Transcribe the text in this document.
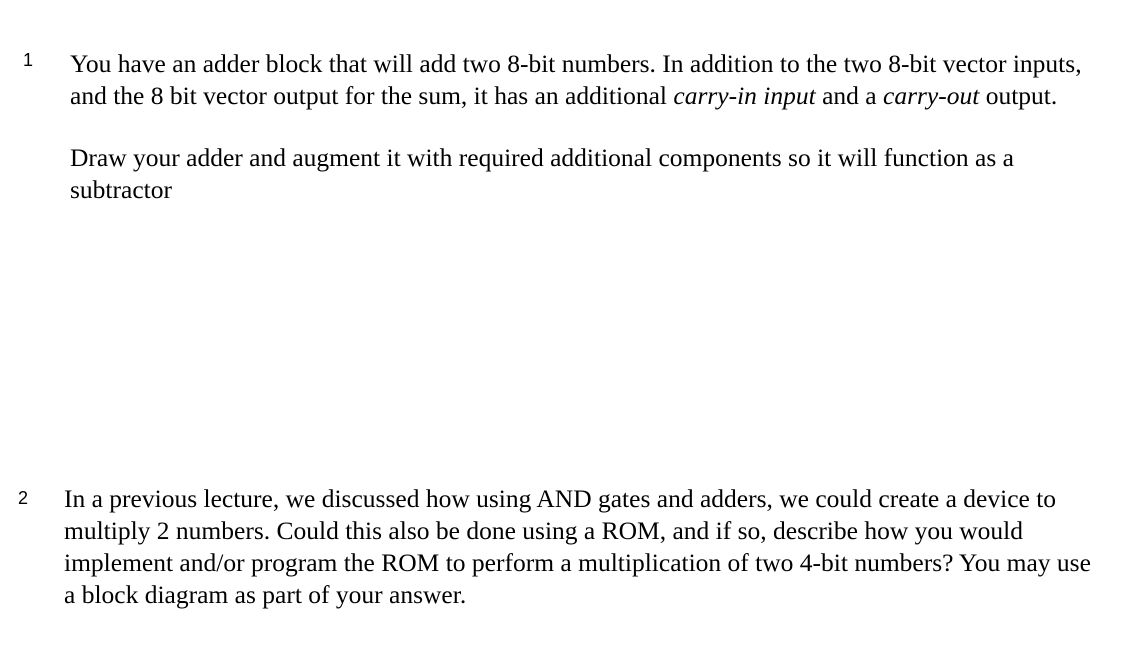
1 You have an adder block that will add two 8-bit numbers. In addition to the two 8-bit vector inputs, and the 8 bit vector output for the sum, it has an additional carry-in input and a carry-out output.

Draw your adder and augment it with required additional components so it will function as a subtractor

2 In a previous lecture, we discussed how using AND gates and adders, we could create a device to multiply 2 numbers. Could this also be done using a ROM, and if so, describe how you would implement and/or program the ROM to perform a multiplication of two 4-bit numbers? You may use a block diagram as part of your answer.
